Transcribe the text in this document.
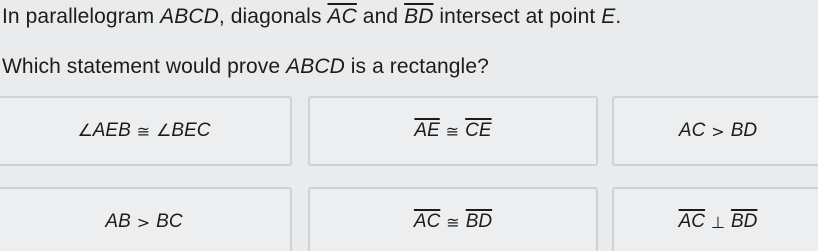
In parallelogram ABCD, diagonals $\overline{AC}$ and $\overline{BD}$ intersect at point E.
Which statement would prove ABCD is a rectangle?
∠ AEB ≅ ∠ BEC	$\overline{AE}$ ≅ $\overline{CE}$	AC > BD
AB > BC	$\overline{AC}$ ≅ $\overline{BD}$	$\overline{AC}$ ⊥ $\overline{BD}$
